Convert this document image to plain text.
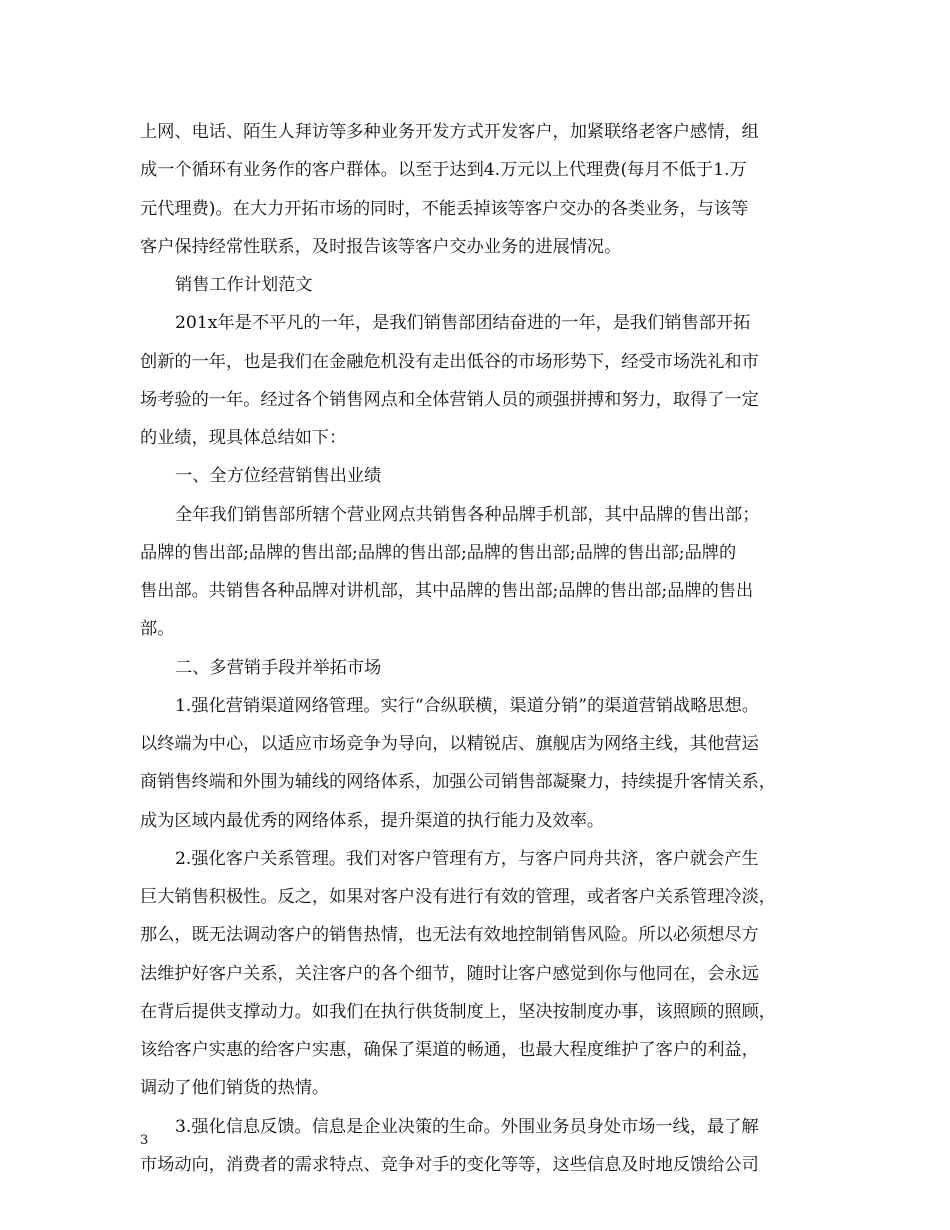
上网、电话、陌生人拜访等多种业务开发方式开发客户，加紧联络老客户感情，组
成一个循环有业务作的客户群体。以至于达到4.万元以上代理费(每月不低于1.万
元代理费)。在大力开拓市场的同时，不能丢掉该等客户交办的各类业务，与该等
客户保持经常性联系，及时报告该等客户交办业务的进展情况。
销售工作计划范文
201x年是不平凡的一年，是我们销售部团结奋进的一年，是我们销售部开拓
创新的一年，也是我们在金融危机没有走出低谷的市场形势下，经受市场洗礼和市
场考验的一年。经过各个销售网点和全体营销人员的顽强拼搏和努力，取得了一定
的业绩，现具体总结如下：
一、全方位经营销售出业绩
全年我们销售部所辖个营业网点共销售各种品牌手机部，其中品牌的售出部；
品牌的售出部;品牌的售出部;品牌的售出部;品牌的售出部;品牌的售出部;品牌的
售出部。共销售各种品牌对讲机部，其中品牌的售出部;品牌的售出部;品牌的售出
部。
二、多营销手段并举拓市场
1.强化营销渠道网络管理。实行“合纵联横，渠道分销”的渠道营销战略思想。
以终端为中心，以适应市场竞争为导向，以精锐店、旗舰店为网络主线，其他营运
商销售终端和外围为辅线的网络体系，加强公司销售部凝聚力，持续提升客情关系，
成为区域内最优秀的网络体系，提升渠道的执行能力及效率。
2.强化客户关系管理。我们对客户管理有方，与客户同舟共济，客户就会产生
巨大销售积极性。反之，如果对客户没有进行有效的管理，或者客户关系管理冷淡，
那么，既无法调动客户的销售热情，也无法有效地控制销售风险。所以必须想尽方
法维护好客户关系，关注客户的各个细节，随时让客户感觉到你与他同在，会永远
在背后提供支撑动力。如我们在执行供货制度上，坚决按制度办事，该照顾的照顾，
该给客户实惠的给客户实惠，确保了渠道的畅通，也最大程度维护了客户的利益，
调动了他们销货的热情。
3.强化信息反馈。信息是企业决策的生命。外围业务员身处市场一线，最了解
市场动向，消费者的需求特点、竞争对手的变化等等，这些信息及时地反馈给公司
3
